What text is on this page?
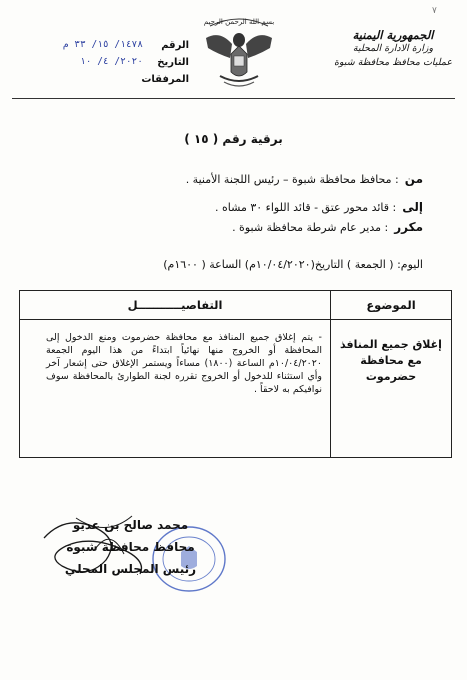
٧
الجمهورية اليمنية
وزارة الادارة المحلية
عمليات محافظ محافظة شبوة
بسم الله الرحمن الرحيم
الرقم
١٤٧٨/ ١٥/ ٣٣ م
التاريخ
٢٠٢٠/ ٤/ ١٠
المرفقات
برقية رقم ( ١٥ )
من: محافظ محافظة شبوة – رئيس اللجنة الأمنية .
إلى: قائد محور عتق - قائد اللواء ٣٠ مشاه .
مكرر: مدير عام شرطة محافظة شبوة .
اليوم: ( الجمعة ) التاريخ(١٠/٠٤/٢٠٢٠م) الساعة ( ١٦٠٠م)
الموضوع
التفاصيـــــــــــل
إغلاق جميع المنافذ مع محافظة حضرموت
- يتم إغلاق جميع المنافذ مع محافظة حضرموت ومنع الدخول إلى المحافظة أو الخروج منها نهائياً ابتداءً من هذا اليوم الجمعة ١٠/٠٤/٢٠٢٠م الساعة (١٨٠٠) مساءاً ويستمر الإغلاق حتى إشعار آخر وأي استثناء للدخول أو الخروج تقرره لجنة الطوارئ بالمحافظة سوف نوافيكم به لاحقاً .
محمد صالح بن عديو
محافظ محافظة شبوة
رئيس المجلس المحلي
